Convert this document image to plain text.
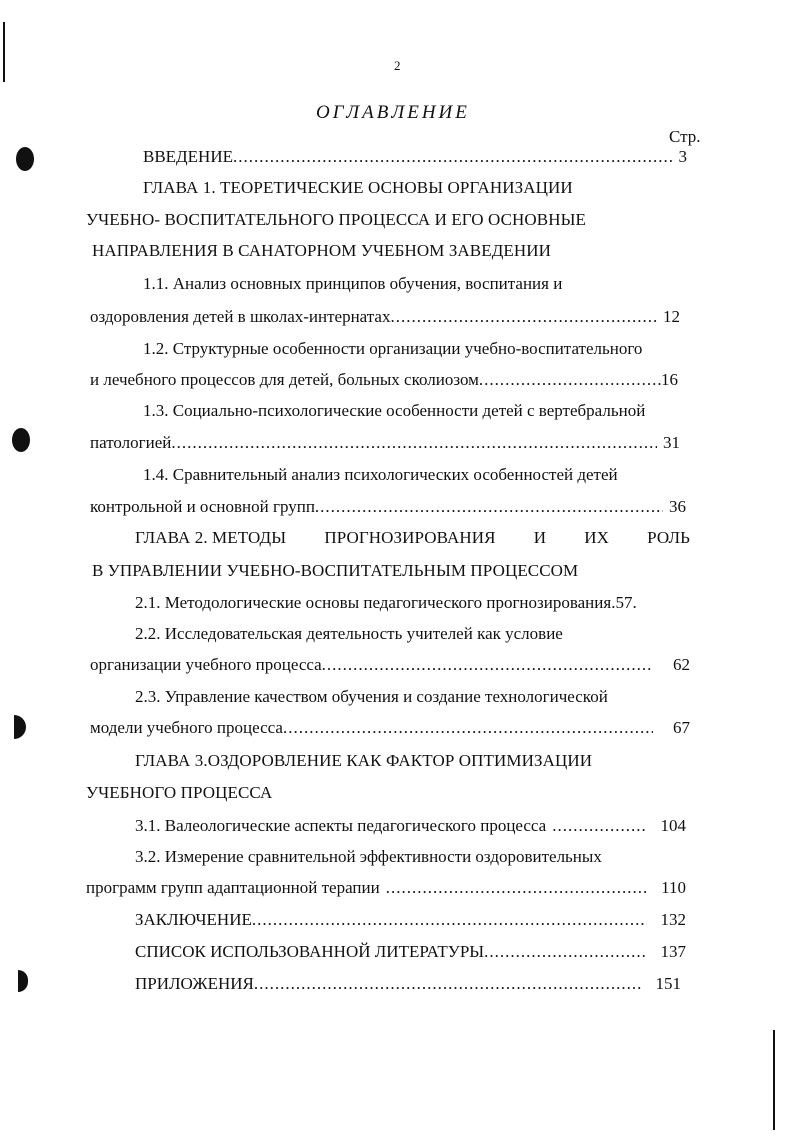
2
ОГЛАВЛЕНИЕ
Стр.
ВВЕДЕНИЕ .....	3
ГЛАВА 1. ТЕОРЕТИЧЕСКИЕ ОСНОВЫ ОРГАНИЗАЦИИ
УЧЕБНО- ВОСПИТАТЕЛЬНОГО ПРОЦЕССА И ЕГО ОСНОВНЫЕ
НАПРАВЛЕНИЯ В САНАТОРНОМ УЧЕБНОМ ЗАВЕДЕНИИ
1.1. Анализ основных принципов обучения, воспитания и
оздоровления детей в школах-интернатах .....	12
1.2. Структурные особенности организации учебно-воспитательного
и лечебного процессов для детей, больных сколиозом .....	16
1.3. Социально-психологические особенности детей с вертебральной
патологией .....	31
1.4. Сравнительный анализ психологических особенностей детей
контрольной и основной групп .....	36
ГЛАВА 2. МЕТОДЫ ПРОГНОЗИРОВАНИЯ И ИХ РОЛЬ
В УПРАВЛЕНИИ УЧЕБНО-ВОСПИТАТЕЛЬНЫМ ПРОЦЕССОМ
2.1. Методологические основы педагогического прогнозирования.57.
2.2. Исследовательская деятельность учителей как условие
организации учебного процесса .....	62
2.3. Управление качеством обучения и создание технологической
модели учебного процесса .....	67
ГЛАВА 3.ОЗДОРОВЛЕНИЕ КАК ФАКТОР ОПТИМИЗАЦИИ
УЧЕБНОГО ПРОЦЕССА
3.1. Валеологические аспекты педагогического процесса .....	104
3.2. Измерение сравнительной эффективности оздоровительных
программ групп адаптационной терапии .....	110
ЗАКЛЮЧЕНИЕ .....	132
СПИСОК ИСПОЛЬЗОВАННОЙ ЛИТЕРАТУРЫ .....	137
ПРИЛОЖЕНИЯ .....	151
